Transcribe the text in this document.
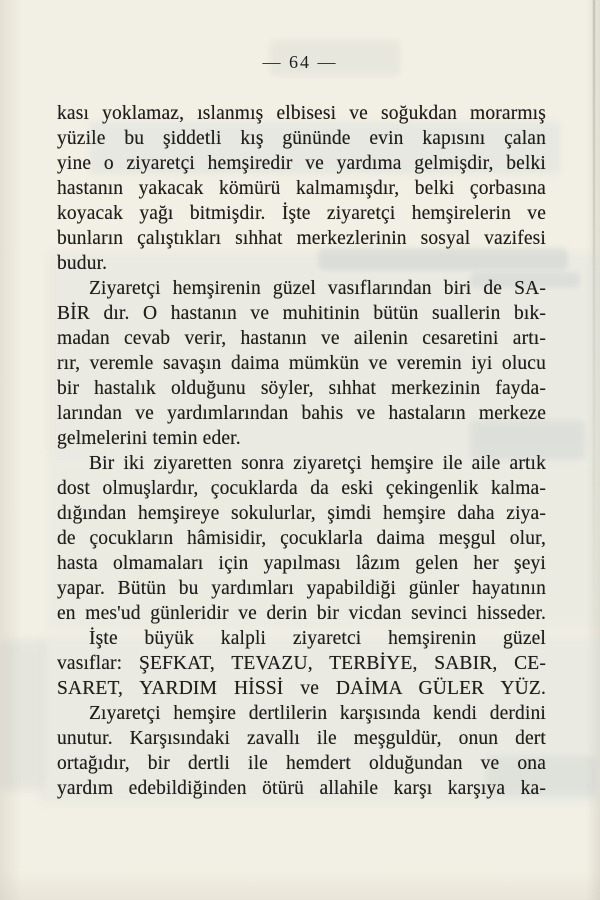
— 64 —
kası yoklamaz, ıslanmış elbisesi ve soğukdan morarmış
yüzile bu şiddetli kış gününde evin kapısını çalan
yine o ziyaretçi hemşiredir ve yardıma gelmişdir, belki
hastanın yakacak kömürü kalmamışdır, belki çorbasına
koyacak yağı bitmişdir. İşte ziyaretçi hemşirelerin ve
bunların çalıştıkları sıhhat merkezlerinin sosyal vazifesi
budur.
Ziyaretçi hemşirenin güzel vasıflarından biri de SA-
BİR dır. O hastanın ve muhitinin bütün suallerin bık-
madan cevab verir, hastanın ve ailenin cesaretini artı-
rır, veremle savaşın daima mümkün ve veremin iyi olucu
bir hastalık olduğunu söyler, sıhhat merkezinin fayda-
larından ve yardımlarından bahis ve hastaların merkeze
gelmelerini temin eder.
Bir iki ziyaretten sonra ziyaretçi hemşire ile aile artık
dost olmuşlardır, çocuklarda da eski çekingenlik kalma-
dığından hemşireye sokulurlar, şimdi hemşire daha ziya-
de çocukların hâmisidir, çocuklarla daima meşgul olur,
hasta olmamaları için yapılması lâzım gelen her şeyi
yapar. Bütün bu yardımları yapabildiği günler hayatının
en mes'ud günleridir ve derin bir vicdan sevinci hisseder.
İşte büyük kalpli ziyaretci hemşirenin güzel
vasıflar: ŞEFKAT, TEVAZU, TERBİYE, SABIR, CE-
SARET, YARDIM HİSSİ ve DAİMA GÜLER YÜZ.
Zıyaretçi hemşire dertlilerin karşısında kendi derdini
unutur. Karşısındaki zavallı ile meşguldür, onun dert
ortağıdır, bir dertli ile hemdert olduğundan ve ona
yardım edebildiğinden ötürü allahile karşı karşıya ka-
